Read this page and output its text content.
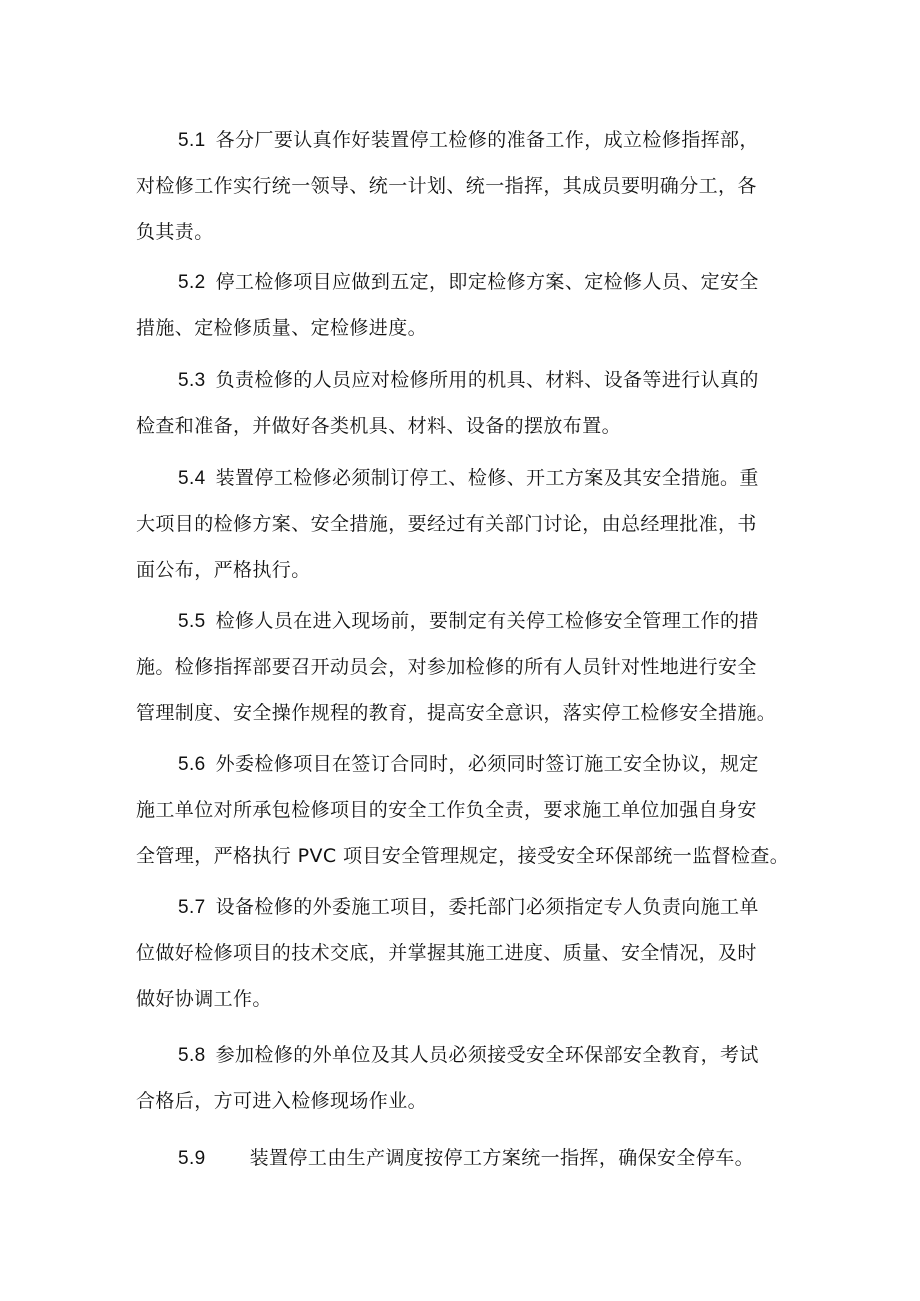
5.1 各分厂要认真作好装置停工检修的准备工作，成立检修指挥部，
对检修工作实行统一领导、统一计划、统一指挥，其成员要明确分工，各
负其责。
5.2 停工检修项目应做到五定，即定检修方案、定检修人员、定安全
措施、定检修质量、定检修进度。
5.3 负责检修的人员应对检修所用的机具、材料、设备等进行认真的
检查和准备，并做好各类机具、材料、设备的摆放布置。
5.4 装置停工检修必须制订停工、检修、开工方案及其安全措施。重
大项目的检修方案、安全措施，要经过有关部门讨论，由总经理批准，书
面公布，严格执行。
5.5 检修人员在进入现场前，要制定有关停工检修安全管理工作的措
施。检修指挥部要召开动员会，对参加检修的所有人员针对性地进行安全
管理制度、安全操作规程的教育，提高安全意识，落实停工检修安全措施。
5.6 外委检修项目在签订合同时，必须同时签订施工安全协议，规定
施工单位对所承包检修项目的安全工作负全责，要求施工单位加强自身安
全管理，严格执行 PVC 项目安全管理规定，接受安全环保部统一监督检查。
5.7 设备检修的外委施工项目，委托部门必须指定专人负责向施工单
位做好检修项目的技术交底，并掌握其施工进度、质量、安全情况，及时
做好协调工作。
5.8 参加检修的外单位及其人员必须接受安全环保部安全教育，考试
合格后，方可进入检修现场作业。
5.9 装置停工由生产调度按停工方案统一指挥，确保安全停车。
